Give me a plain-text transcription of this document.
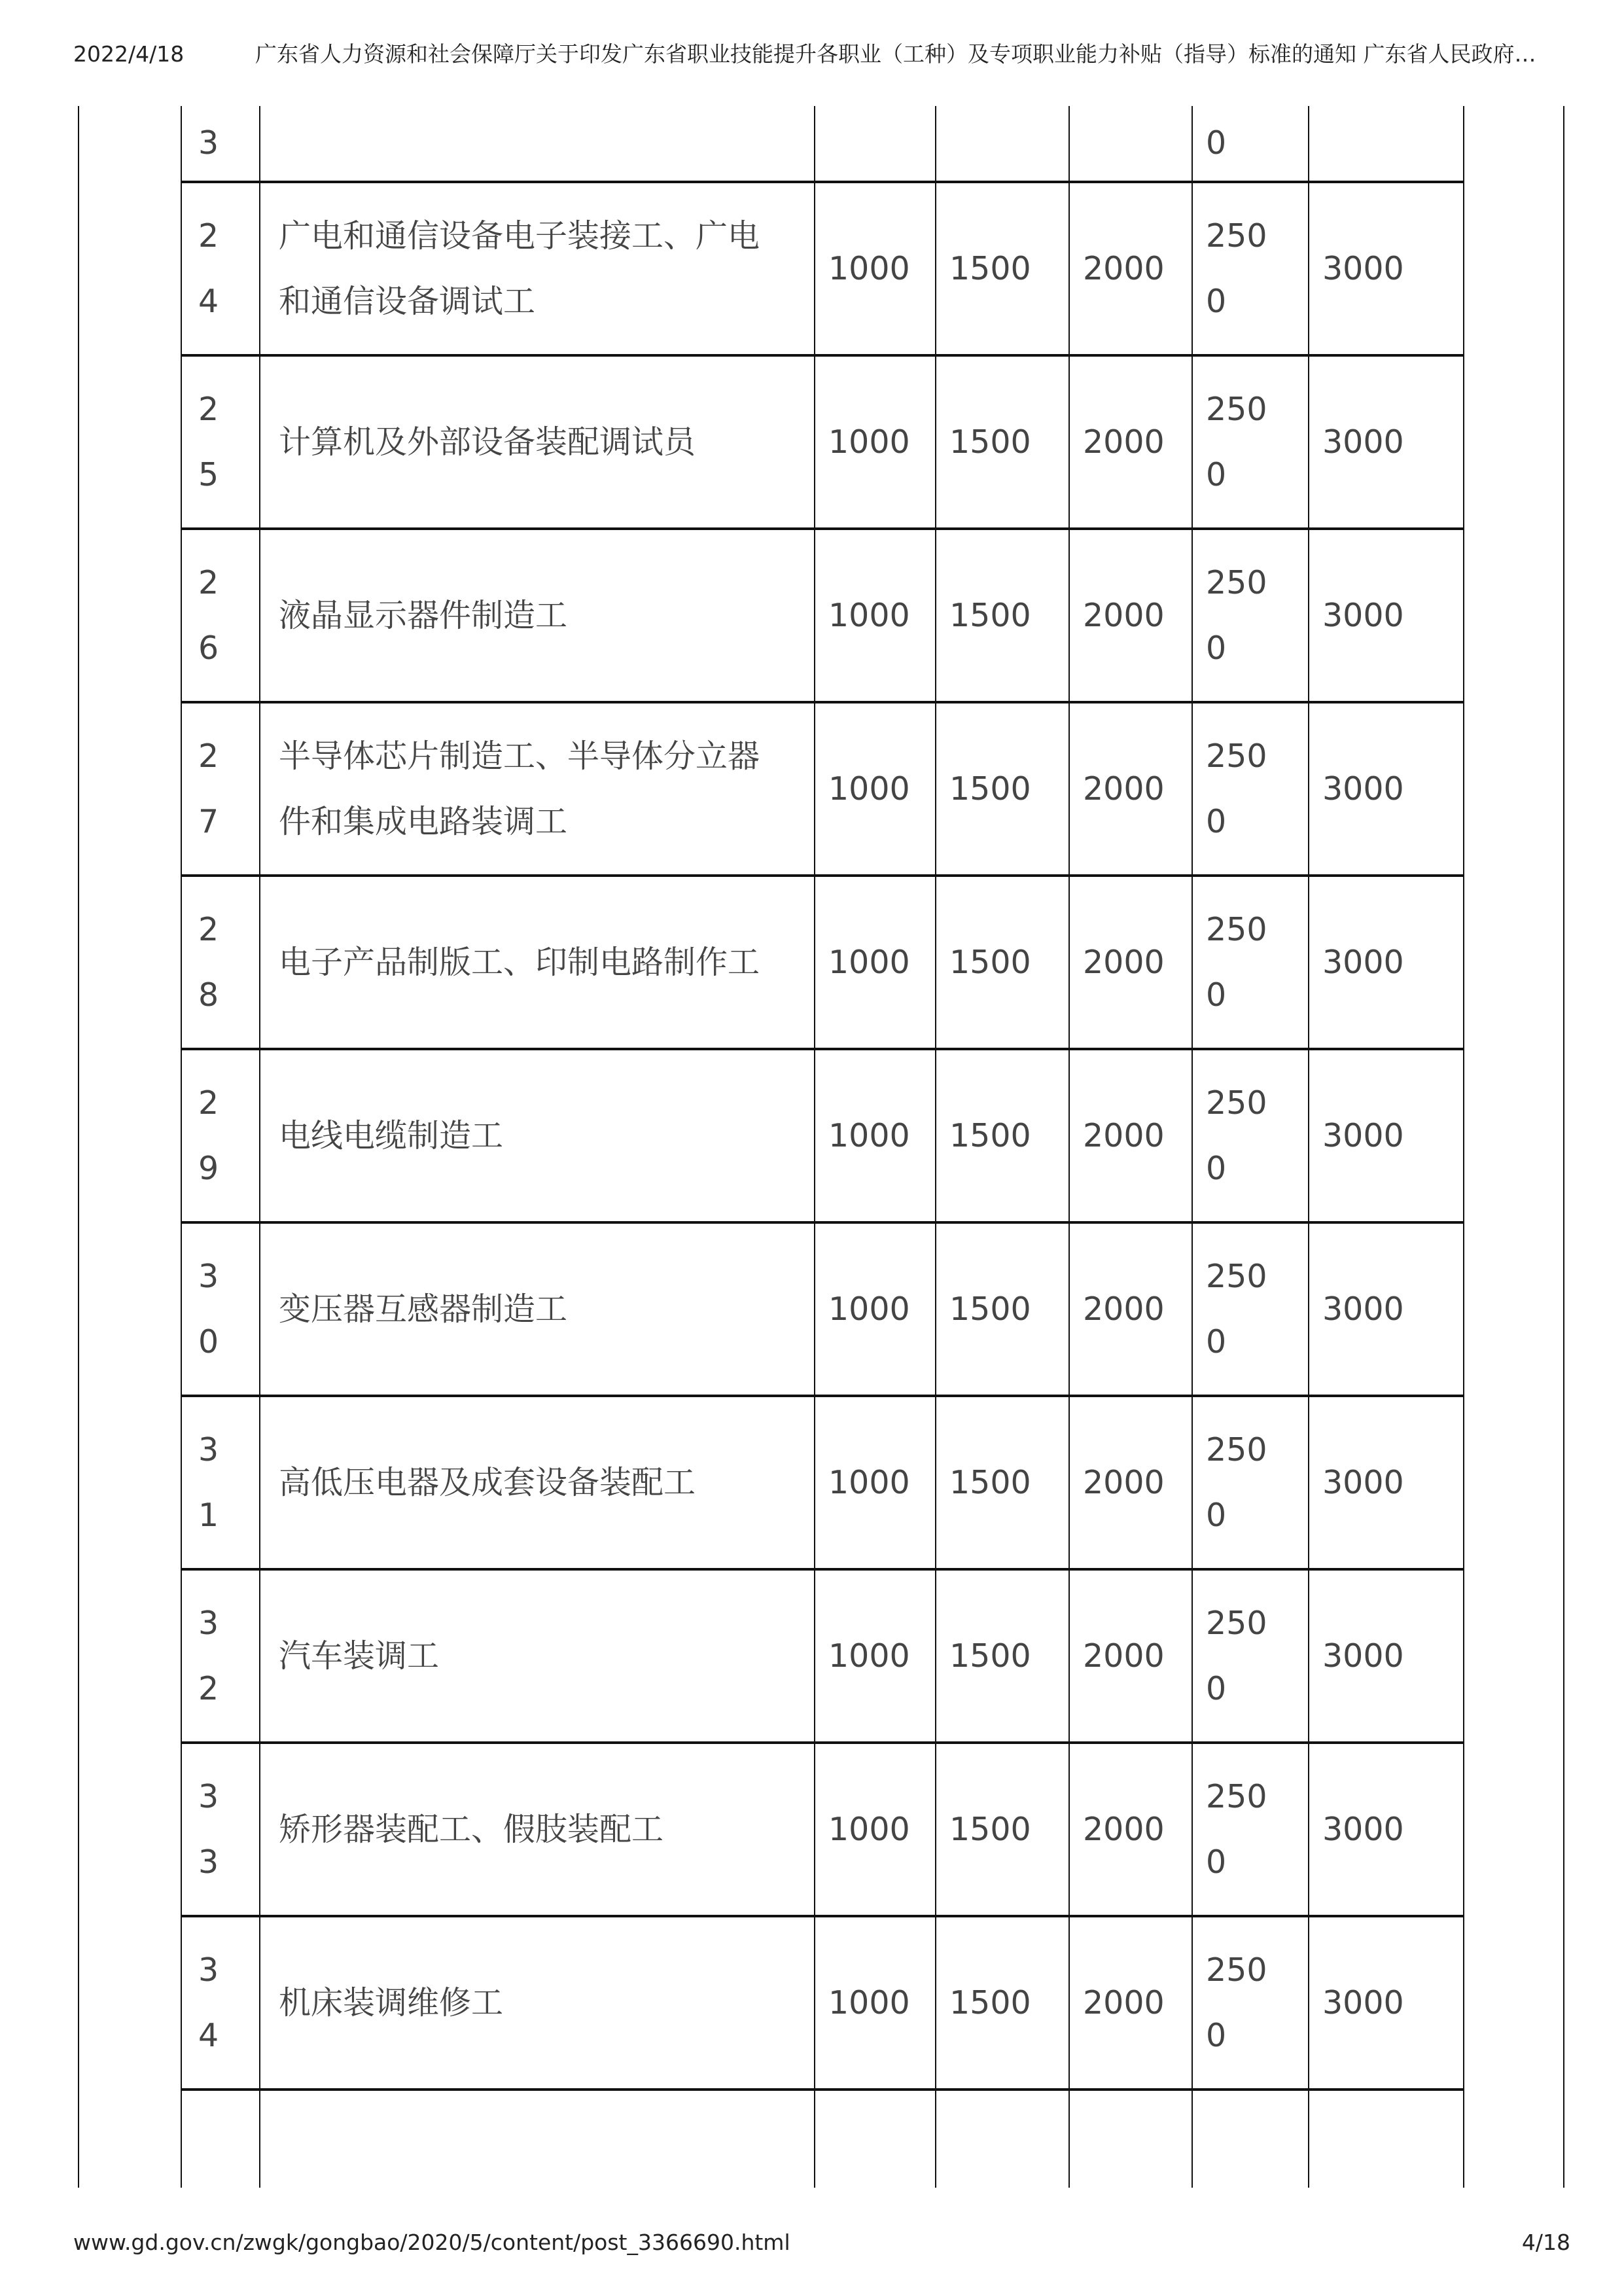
2022/4/18	广东省人力资源和社会保障厅关于印发广东省职业技能提升各职业（工种）及专项职业能力补贴（指导）标准的通知 广东省人民政府…
3					0	

24	广电和通信设备电子装接工、广电和通信设备调试工	1000	1500	2000	2500	3000

25	计算机及外部设备装配调试员	1000	1500	2000	2500	3000

26	液晶显示器件制造工	1000	1500	2000	2500	3000

27	半导体芯片制造工、半导体分立器件和集成电路装调工	1000	1500	2000	2500	3000

28	电子产品制版工、印制电路制作工	1000	1500	2000	2500	3000

29	电线电缆制造工	1000	1500	2000	2500	3000

30	变压器互感器制造工	1000	1500	2000	2500	3000

31	高低压电器及成套设备装配工	1000	1500	2000	2500	3000

32	汽车装调工	1000	1500	2000	2500	3000

33	矫形器装配工、假肢装配工	1000	1500	2000	2500	3000

34	机床装调维修工	1000	1500	2000	2500	3000

www.gd.gov.cn/zwgk/gongbao/2020/5/content/post_3366690.html	4/18
